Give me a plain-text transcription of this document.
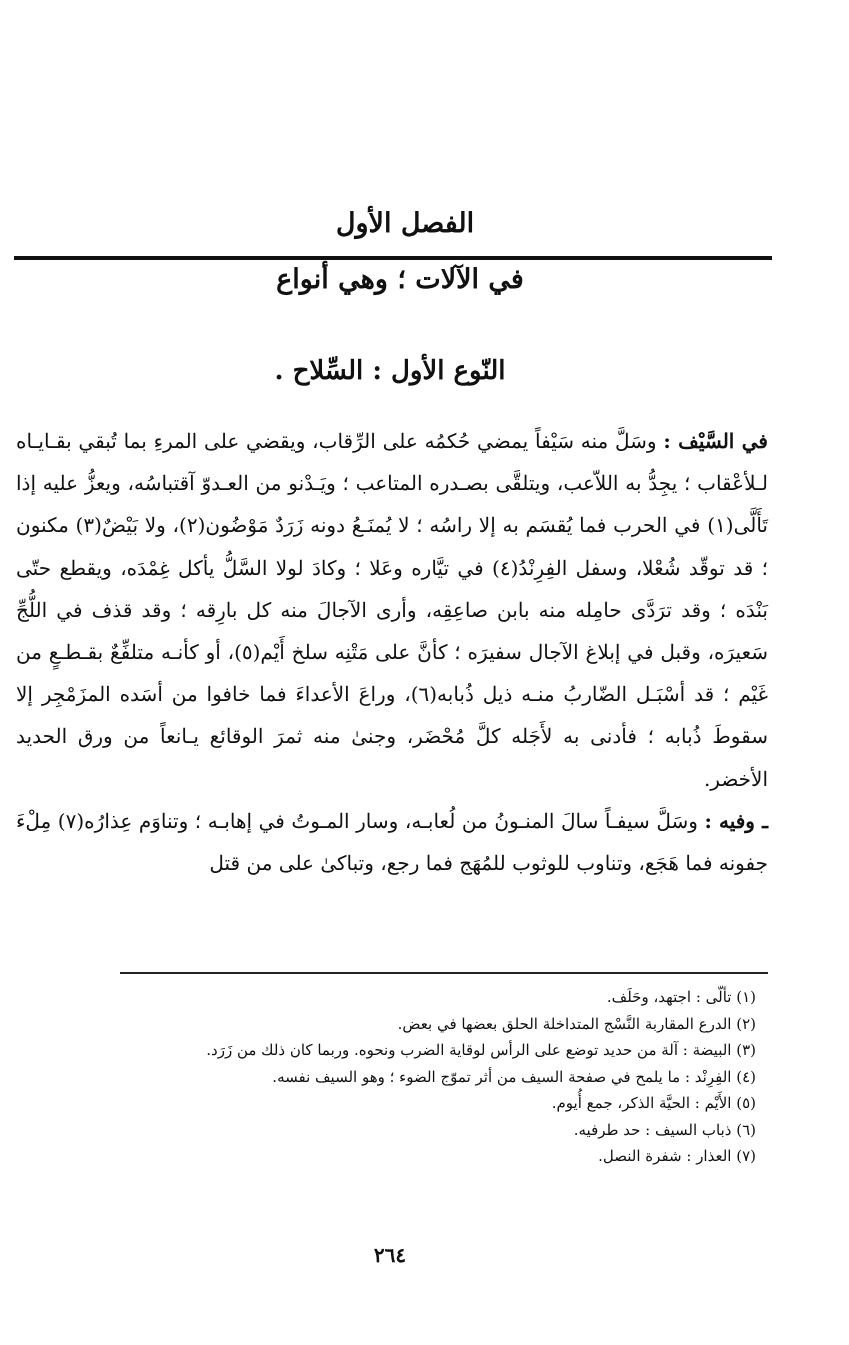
الفصل الأول
في الآلات ؛ وهي أنواع
النّوع الأول : السِّلاح .

في السَّيْف : وسَلَّ منه سَيْفاً يمضي حُكمُه على الرِّقاب، ويقضي على المرءِ بما تُبقي بقـايـاه لـلأعْقاب ؛ يجِدُّ به اللاّعب، ويتلقَّى بصـدره المتاعب ؛ ويَـدْنو من العـدوّ آقتباسُه، ويعزُّ عليه إذا تَأَلَّى(١) في الحرب فما يُقسَم به إلا راسُه ؛ لا يُمنَـعُ دونه زَرَدٌ مَوْضُون(٢)، ولا بَيْضٌ(٣) مكنون ؛ قد توقّد شُعْلا، وسفل الفِرِنْدُ(٤) في تيَّاره وعَلا ؛ وكادَ لولا السَّلُّ يأكل غِمْدَه، ويقطع حتّى بَنْدَه ؛ وقد ترَدَّى حامِله منه بابن صاعِقِه، وأرى الآجالَ منه كل بارِقه ؛ وقد قذف في اللُّجِّ سَعيرَه، وقبل في إبلاغ الآجال سفيرَه ؛ كأنَّ على مَتْنِه سلخ أَيْم(٥)، أو كأنـه متلفِّعٌ بقـطـعٍ من غَيْم ؛ قد أسْبَـل الضّاربُ منـه ذيل ذُبابه(٦)، وراعَ الأعداءَ فما خافوا من أسَده المزَمْجِر إلا سقوطَ ذُبابه ؛ فأدنى به لأَجَله كلَّ مُحْضَر، وجنىٰ منه ثمرَ الوقائع يـانعاً من ورق الحديد الأخضر.

ـ وفيه : وسَلَّ سيفـاً سالَ المنـونُ من لُعابـه، وسار المـوتُ في إهابـه ؛ وتناوَم عِذارُه(٧) مِلْءَ جفونه فما هَجَع، وتناوب للوثوب للمُهَج فما رجع، وتباكىٰ على من قتل

(١) تألّى : اجتهد، وحَلَف.
(٢) الدرع المقاربة النَّسْج المتداخلة الحلق بعضها في بعض.
(٣) البيضة : آلة من حديد توضع على الرأس لوقاية الضرب ونحوه. وربما كان ذلك من زَرَد.
(٤) الفِرِنْد : ما يلمح في صفحة السيف من أثر تموّج الضوء ؛ وهو السيف نفسه.
(٥) الأَيْم : الحيَّة الذكر، جمع أُيوم.
(٦) ذباب السيف : حد طرفيه.
(٧) العذار : شفرة النصل.
٢٦٤
